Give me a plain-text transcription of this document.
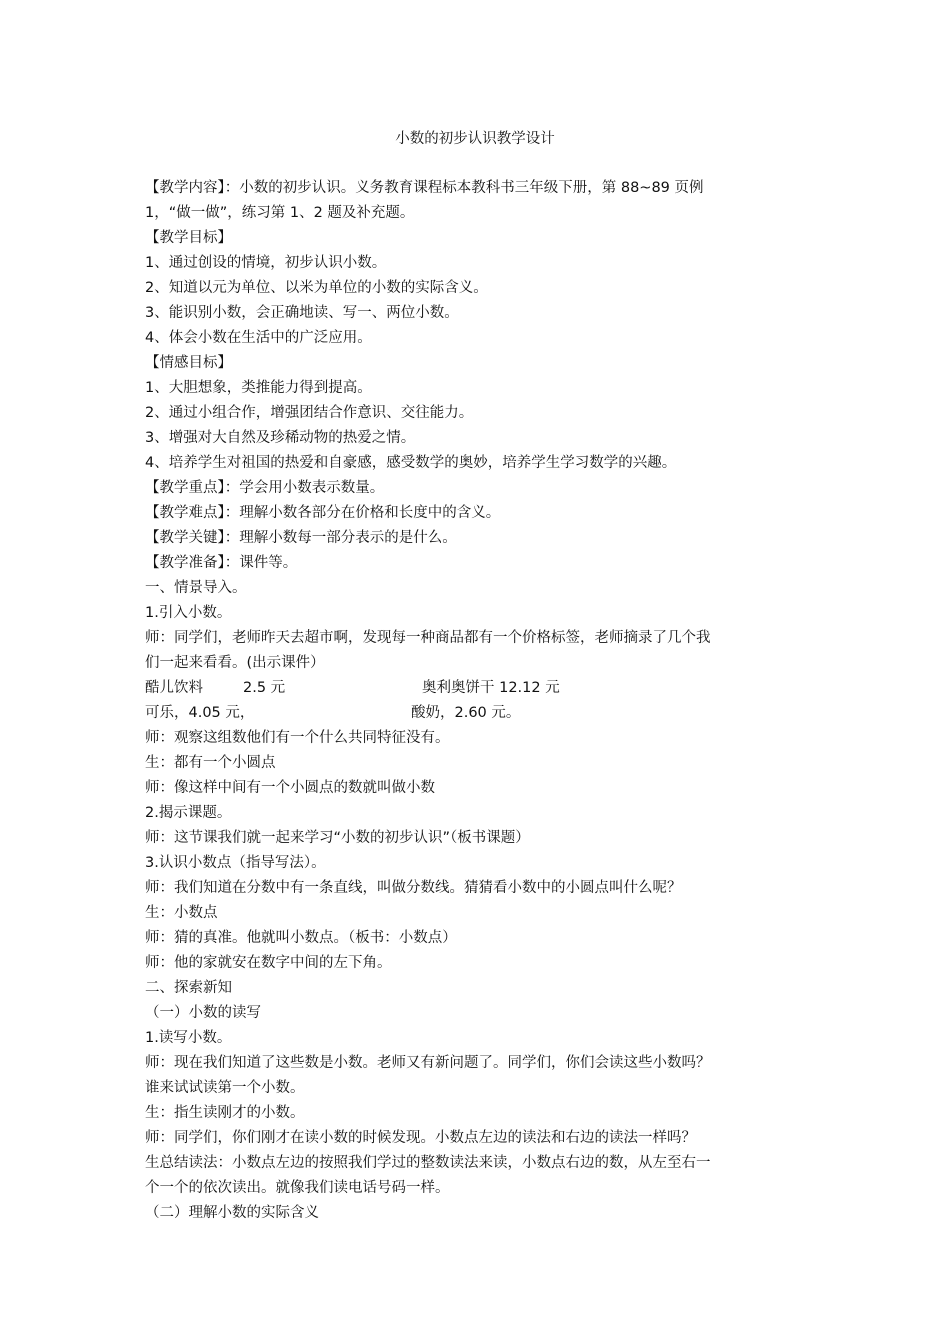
小数的初步认识教学设计
【教学内容】：小数的初步认识。义务教育课程标本教科书三年级下册，第 88~89 页例
1，“做一做”，练习第 1、2 题及补充题。
【教学目标】
1、通过创设的情境，初步认识小数。
2、知道以元为单位、以米为单位的小数的实际含义。
3、能识别小数，会正确地读、写一、两位小数。
4、体会小数在生活中的广泛应用。
【情感目标】
1、大胆想象，类推能力得到提高。
2、通过小组合作，增强团结合作意识、交往能力。
3、增强对大自然及珍稀动物的热爱之情。
4、培养学生对祖国的热爱和自豪感，感受数学的奥妙，培养学生学习数学的兴趣。
【教学重点】：学会用小数表示数量。
【教学难点】：理解小数各部分在价格和长度中的含义。
【教学关键】：理解小数每一部分表示的是什么。
【教学准备】：课件等。
一、情景导入。
1.引入小数。
师：同学们，老师昨天去超市啊，发现每一种商品都有一个价格标签，老师摘录了几个我
们一起来看看。(出示课件）
酷儿饮料	2.5 元	奥利奥饼干 12.12 元
可乐，4.05 元，	酸奶，2.60 元。
师：观察这组数他们有一个什么共同特征没有。
生：都有一个小圆点
师：像这样中间有一个小圆点的数就叫做小数
2.揭示课题。
师：这节课我们就一起来学习“小数的初步认识”（板书课题）
3.认识小数点（指导写法）。
师：我们知道在分数中有一条直线，叫做分数线。猜猜看小数中的小圆点叫什么呢？
生：小数点
师：猜的真准。他就叫小数点。（板书：小数点）
师：他的家就安在数字中间的左下角。
二、探索新知
（一）小数的读写
1.读写小数。
师：现在我们知道了这些数是小数。老师又有新问题了。同学们，你们会读这些小数吗？
谁来试试读第一个小数。
生：指生读刚才的小数。
师：同学们，你们刚才在读小数的时候发现。小数点左边的读法和右边的读法一样吗？
生总结读法：小数点左边的按照我们学过的整数读法来读，小数点右边的数，从左至右一
个一个的依次读出。就像我们读电话号码一样。
（二）理解小数的实际含义
